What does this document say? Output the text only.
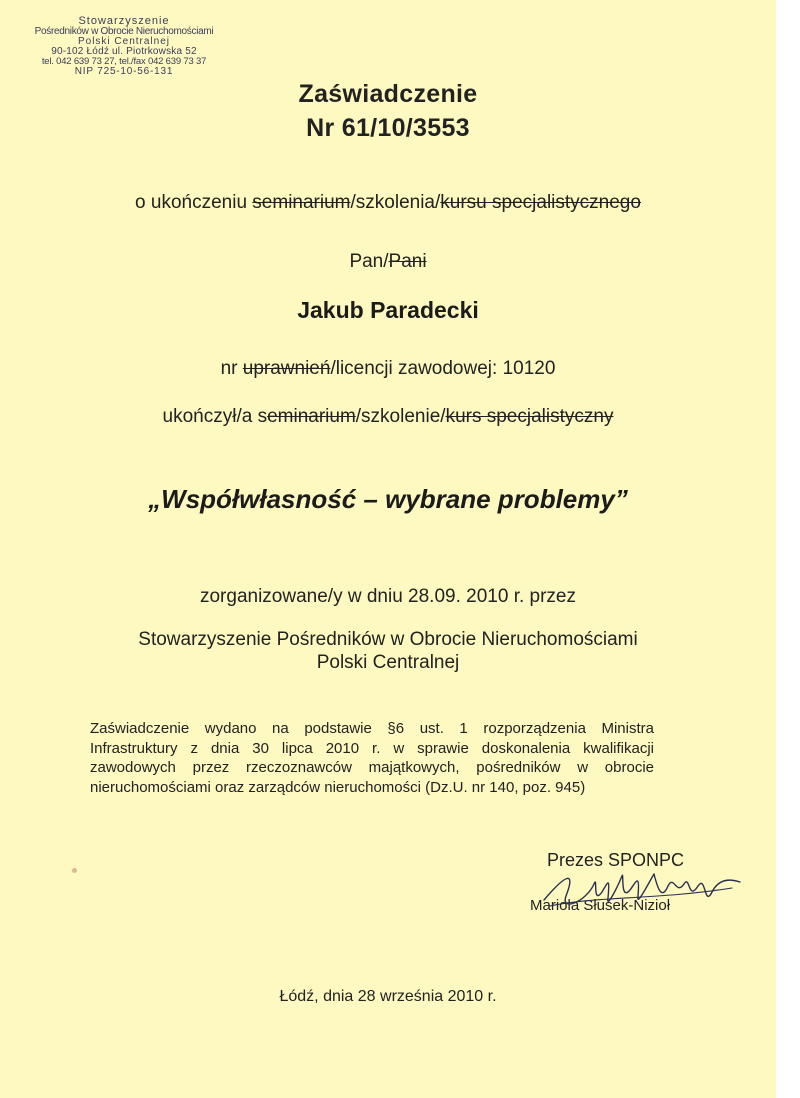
Stowarzyszenie
Pośredników w Obrocie Nieruchomościami
Polski Centralnej
90-102 Łódź ul. Piotrkowska 52
tel. 042 639 73 27, tel./fax 042 639 73 37
NIP 725-10-56-131
Zaświadczenie
Nr 61/10/3553
o ukończeniu seminarium/szkolenia/kursu specjalistycznego
Pan/Pani
Jakub Paradecki
nr uprawnień/licencji zawodowej: 10120
ukończył/a seminarium/szkolenie/kurs specjalistyczny
„Współwłasność – wybrane problemy”
zorganizowane/y w dniu 28.09. 2010 r. przez
Stowarzyszenie Pośredników w Obrocie Nieruchomościami
Polski Centralnej
Zaświadczenie wydano na podstawie §6 ust. 1 rozporządzenia Ministra Infrastruktury z dnia 30 lipca 2010 r. w sprawie doskonalenia kwalifikacji zawodowych przez rzeczoznawców majątkowych, pośredników w obrocie nieruchomościami oraz zarządców nieruchomości (Dz.U. nr 140, poz. 945)
Prezes SPONPC
Mariola Słusek-Nizioł
Łódź, dnia 28 września 2010 r.
